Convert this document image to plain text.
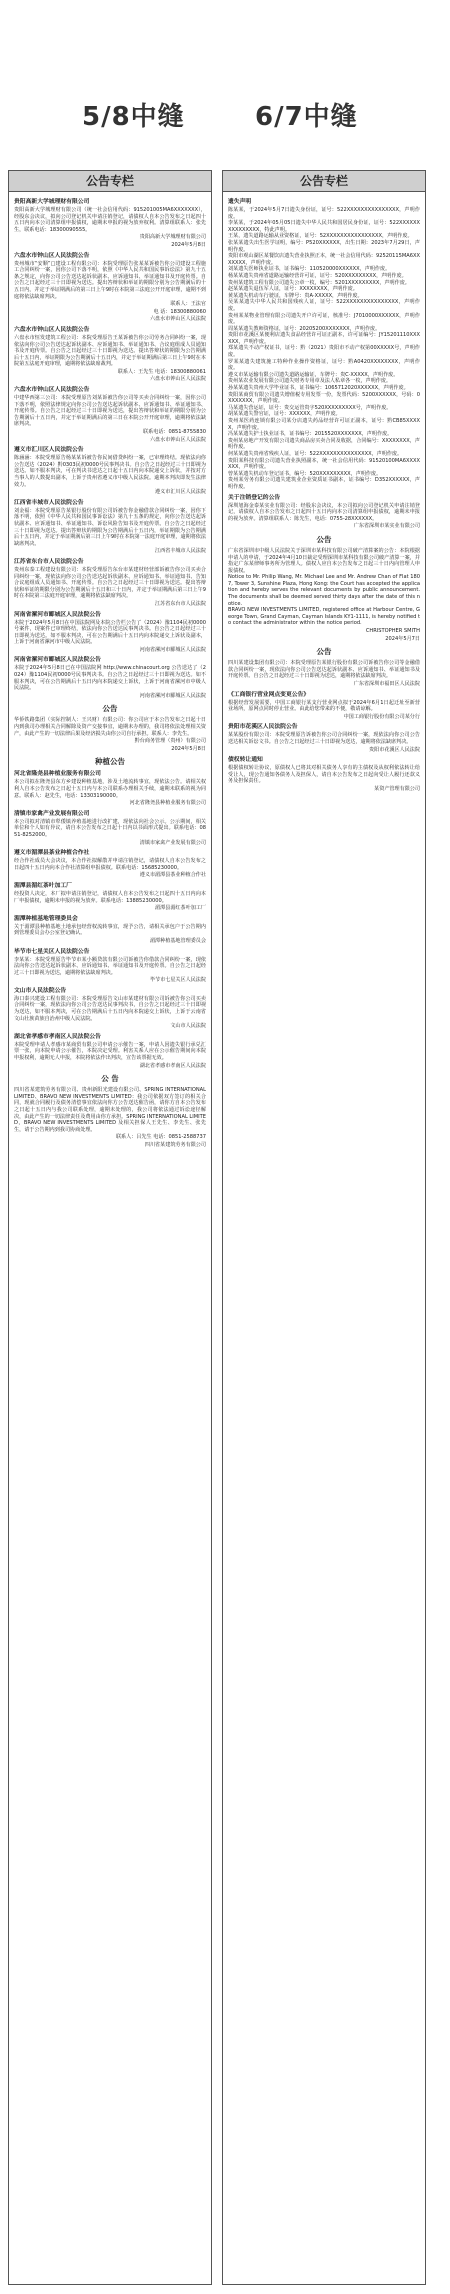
5/8中缝	6/7中缝
公告专栏
贵阳高新大学城理财有限公司

贵阳高新大学城理财有限公司（统一社会信用代码：915201005MA6XXXXXXX），经股东会决议，拟向公司登记机关申请注销登记，请债权人自本公告发布之日起四十五日内向本公司清算组申报债权，逾期未申报的视为放弃权利。清算组联系人：张先生，联系电话：18300090555。

贵阳高新大学城理财有限公司

2024年5月8日

六盘水市钟山区人民法院公告

贵州城市“安顺”□建设工程有限公司：本院受理原告张某某诉被告你公司建设工程施工合同纠纷一案，因你公司下落不明，依照《中华人民共和国民事诉讼法》第九十五条之规定，向你公司公告送达起诉状副本、应诉通知书、举证通知书及开庭传票。自公告之日起经过三十日即视为送达。提出答辩状和举证的期限分别为公告期满后的十五日内，并定于举证期满后的第三日上午9时在本院第三法庭公开开庭审理，逾期不到庭将依法缺席判决。

联系人：王法官

电 话：18300880060

六盘水市钟山区人民法院

六盘水市钟山区人民法院公告

六盘水市恒发建筑工程公司：本院受理原告王某诉被告你公司劳务合同纠纷一案，现依法向你公司公告送达起诉状副本、应诉通知书、举证通知书、合议庭组成人员通知书及开庭传票。自公告之日起经过三十日即视为送达。提出答辩状的期限为公告期满后十五日内，举证期限为公告期满后十五日内，并定于举证期满后第三日上午9时在本院第五法庭开庭审理，逾期将依法缺席裁判。

联系人：王先生 电话：18300880061

六盘水市钟山区人民法院

六盘水市钟山区人民法院公告

中建华西第三公司：本院受理原告刘某诉被告你公司等买卖合同纠纷一案，因你公司下落不明，依照法律规定向你公司公告送达起诉状副本、应诉通知书、举证通知书、开庭传票。自公告之日起经过三十日即视为送达，提出答辩状和举证的期限分别为公告期满后十五日内，并定于举证期满后的第三日在本院公开开庭审理，逾期将依法缺席判决。

联系电话：0851-8755830

六盘水市钟山区人民法院

遵义市汇川区人民法院公告

陈涵涵：本院受理原告杨某某诉被告你民间借贷纠纷一案，已审理终结。现依法向你公告送达（2024）黔0303民初0000号民事判决书。自公告之日起经过三十日即视为送达。如不服本判决，可在判决书送达之日起十五日内向本院递交上诉状，并按对方当事人的人数提出副本，上诉于贵州省遵义市中级人民法院。逾期本判决即发生法律效力。

遵义市汇川区人民法院

江西省丰城市人民法院公告

刘金福：本院受理原告某银行股份有限公司诉被告你金融借款合同纠纷一案，因你下落不明，依照《中华人民共和国民事诉讼法》第九十五条的规定，向你公告送达起诉状副本、应诉通知书、举证通知书、诉讼风险告知书及开庭传票。自公告之日起经过三十日即视为送达。提出答辩状的期限为公告期满后十五日内，举证期限为公告期满后十五日内，并定于举证期满后第三日上午9时在本院第一法庭开庭审理，逾期将依法缺席判决。

江西省丰城市人民法院

江苏省东台市人民法院公告

贵州东泰工程建设有限公司：本院受理原告东台市某建材经营部诉被告你公司买卖合同纠纷一案，现依法向你公司公告送达起诉状副本、应诉通知书、举证通知书、告知合议庭组成人员通知书、开庭传票。自公告之日起经过三十日即视为送达。提出答辩状和举证的期限分别为公告期满后十五日和三十日内，并定于举证期满后第三日上午9时在本院第三法庭开庭审理，逾期将依法缺席判决。

江苏省东台市人民法院

河南省漯河市郾城区人民法院公告

本院于2024年5月8日在中国法院网及本院公告栏公告了（2024）豫1104民初0000号案件，现案件已审理终结，依法向你公告送达民事判决书。自公告之日起经过三十日即视为送达。如不服本判决，可在公告期满后十五日内向本院递交上诉状及副本，上诉于河南省漯河市中级人民法院。

河南省漯河市郾城区人民法院

河南省漯河市郾城区人民法院公告

本院于2024年5月8日已在中国法院网 http://www.chinacourt.org 公告送达了（2024）豫1104民初0000号民事判决书。自公告之日起经过三十日即视为送达。如不服本判决，可在公告期满后十五日内向本院递交上诉状，上诉于河南省漯河市中级人民法院。

河南省漯河市郾城区人民法院

公告

华侨铁路集团（实际控制人：王兴财）有限公司：你公司应于本公告发布之日起十日内到我司办理相关合同解除及资产交接事宜，逾期未办理的，我司将依法处理相关资产，由此产生的一切法律后果及经济损失由你公司自行承担。联系人：李先生。

黔台商务管理（贵州）有限公司

2024年5月8日

种植公告
河北省隆尧县种植业服务有限公司

本公司拟在隆尧县东方乡建设种植基地，涉及土地流转事宜，现依法公告。请相关权利人自本公告发布之日起十五日内与本公司联系办理相关手续，逾期未联系的视为同意。联系人：赵先生，电话：13303190000。

河北省隆尧县种植业服务有限公司

清镇市家禽产业发展有限公司

本公司拟对清镇市犁倭镇养殖基地进行改扩建，现依法向社会公示。公示期间，相关单位和个人如有异议，请自本公告发布之日起十日内以书面形式提出。联系电话：0851-8252000。

清镇市家禽产业发展有限公司

遵义市湄潭县茶业种植合作社

经合作社成员大会决议，本合作社拟解散并申请注销登记，请债权人自本公告发布之日起四十五日内向本合作社清算组申报债权。联系电话：15685230000。

遵义市湄潭县茶业种植合作社

湄潭县湄红茶叶加工厂

经投资人决定，本厂拟申请注销登记，请债权人自本公告发布之日起四十五日内向本厂申报债权，逾期未申报的视为放弃。联系电话：13885230000。

湄潭县湄红茶叶加工厂

湄潭种植基地管理委员会

关于湄潭县种植基地土地承包经营权流转事宜，现予公告，请相关承包户于公告期内到管理委员会办公室登记确认。

湄潭种植基地管理委员会

毕节市七星关区人民法院公告

李某某：本院受理原告毕节市某小额贷款有限公司诉被告你借款合同纠纷一案，现依法向你公告送达起诉状副本、应诉通知书、举证通知书及开庭传票。自公告之日起经过三十日即视为送达，逾期将依法缺席判决。

毕节市七星关区人民法院

文山市人民法院公告

海口泰兴建设工程有限公司：本院受理原告文山市某建材有限公司诉被告你公司买卖合同纠纷一案，现依法向你公司公告送达民事判决书，自公告之日起经过三十日即视为送达，如不服本判决，可在公告期满后十五日内向本院递交上诉状，上诉于云南省文山壮族苗族自治州中级人民法院。

文山市人民法院

湖北省孝感市孝南区人民法院公告

本院受理申请人孝感市某商贸有限公司申请公示催告一案，申请人因遗失银行承兑汇票一张，向本院申请公示催告，本院决定受理。利害关系人应在公示催告期间向本院申报权利，逾期无人申报，本院将依法作出判决，宣告该票据无效。

湖北省孝感市孝南区人民法院

公 告

四川省某建筑劳务有限公司、贵州新阳光建设有限公司、SPRING INTERNATIONAL LIMITED、BRAVO NEW INVESTMENTS LIMITED：我公司依据双方签订的相关合同，现就合同履行及债务清偿事宜依法向你方公告送达催告函，请你方自本公告发布之日起十五日内与我公司联系处理，逾期未处理的，我公司将依法通过诉讼途径解决，由此产生的一切法律责任及费用由你方承担。SPRING INTERNATIONAL LIMITED，BRAVO NEW INVESTMENTS LIMITED 及相关担保人王先生、李先生、张先生，请于公告期内到我司协商处理。

联系人：吕先生 电话：0851-2588737

四川省某建筑劳务有限公司

公告专栏
遗失声明

陈某某，于2024年5月7日遗失身份证，证号：522XXXXXXXXXXXXXXX，声明作废。

李某某，于2024年05月05日遗失中华人民共和国居民身份证，证号：522XXXXXXXXXXXXXXX，特此声明。

王某，遗失道路运输从业资格证，证号：52XXXXXXXXXXXXXXXX，声明作废。

张某某遗失出生医学证明，编号：P520XXXXXX，出生日期：2023年7月29日，声明作废。

贵阳市观山湖区某餐饮店遗失营业执照正本，统一社会信用代码：92520115MA6XXXXXXX，声明作废。

刘某遗失医师执业证书，证书编号：110520000XXXXXX，声明作废。

杨某某遗失贵州省道路运输经营许可证，证号：520XXXXXXXXX，声明作废。

贵州某建筑工程有限公司遗失公章一枚，编号：5201XXXXXXXXX，声明作废。

赵某某遗失退伍军人证，证号：XXXXXXXX，声明作废。

黄某遗失机动车行驶证，车牌号：贵A·XXXXX，声明作废。

吴某某遗失中华人民共和国残疾人证，证号：522XXXXXXXXXXXXXXX，声明作废。

贵州某某物业管理有限公司遗失开户许可证，核准号：J7010000XXXXXX，声明作废。

周某某遗失教师资格证，证号：20205200XXXXXXX，声明作废。

贵阳市花溪区某便利店遗失食品经营许可证正副本，许可证编号：JY15201110XXXXXX，声明作废。

郑某遗失不动产权证书，证号：黔（2021）贵阳市不动产权第00XXXXX号，声明作废。

罗某某遗失建筑施工特种作业操作资格证，证号：黔A0420XXXXXXXX，声明作废。

遵义市某运输有限公司遗失道路运输证，车牌号：贵C·XXXXX，声明作废。

贵州某农业发展有限公司遗失财务专用章及法人私章各一枚，声明作废。

孙某某遗失贵州大学毕业证书，证书编号：1065712020XXXXXX，声明作废。

贵阳某商贸有限公司遗失增值税专用发票一份，发票代码：5200XXXXXX，号码：0XXXXXXX，声明作废。

马某遗失营运证，证号：贵交运管贵字520XXXXXXXXX号，声明作废。

胡某某遗失警官证，证号：XXXXXX，声明作废。

贵州某医药连锁有限公司某分店遗失药品经营许可证正副本，证号：黔CB85XXXXX，声明作废。

冯某某遗失护士执业证书，证书编号：2015520XXXXXXX，声明作废。

贵州某房地产开发有限公司遗失商品房买卖合同及收据，合同编号：XXXXXXXX，声明作废。

何某某遗失贵州省残疾人证，证号：522XXXXXXXXXXXXXXX，声明作废。

贵阳某科技有限公司遗失营业执照副本，统一社会信用代码：91520100MA6XXXXXXX，声明作废。

曾某某遗失机动车登记证书，编号：520XXXXXXXXX，声明作废。

贵州某劳务有限公司遗失建筑业企业资质证书副本，证书编号：D352XXXXXX，声明作废。

关于注销登记的公告

深圳旭海金泰某实业有限公司：经股东会决议，本公司拟向公司登记机关申请注销登记，请债权人自本公告发布之日起四十五日内向本公司清算组申报债权，逾期未申报的视为放弃。清算组联系人：陈先生，电话：0755-28XXXXXX。

广东省深圳市某实业有限公司

公告

广东省深圳市中级人民法院关于深圳市某科技有限公司破产清算案的公告：本院根据申请人的申请，于2024年4月10日裁定受理深圳市某科技有限公司破产清算一案，并指定广东某律师事务所为管理人。债权人应自本公告发布之日起三十日内向管理人申报债权。

Notice to Mr. Philip Wang, Mr. Michael Lee and Mr. Andrew Chan of Flat 1807, Tower 3, Sunshine Plaza, Hong Kong: the Court has accepted the application and hereby serves the relevant documents by public announcement. The documents shall be deemed served thirty days after the date of this notice.

BRAVO NEW INVESTMENTS LIMITED, registered office at Harbour Centre, George Town, Grand Cayman, Cayman Islands KY1-1111, is hereby notified to contact the administrator within the notice period.

CHRISTOPHER SMITH

2024年5月7日

公告

四川某建设集团有限公司：本院受理原告某银行股份有限公司诉被告你公司等金融借款合同纠纷一案，现依法向你公司公告送达起诉状副本、应诉通知书、举证通知书及开庭传票。自公告之日起经过三十日即视为送达，逾期将依法缺席判决。

广东省深圳市福田区人民法院

《工商银行营业网点变更公告》

根据经营发展需要，中国工商银行某支行营业网点拟于2024年6月1日起迁址至新营业场所，原网点同时停止营业。由此给您带来的不便，敬请谅解。

中国工商银行股份有限公司某分行

贵阳市花溪区人民法院公告

某某股份有限公司：本院受理原告诉被告你公司合同纠纷一案，现依法向你公司公告送达相关诉讼文书。自公告之日起经过三十日即视为送达，逾期将依法缺席判决。

贵阳市花溪区人民法院

债权转让通知

根据债权转让协议，原债权人已将其对相关债务人享有的主债权及从权利依法转让给受让人，现公告通知各债务人及担保人，请自本公告发布之日起向受让人履行还款义务及担保责任。

某资产管理有限公司
